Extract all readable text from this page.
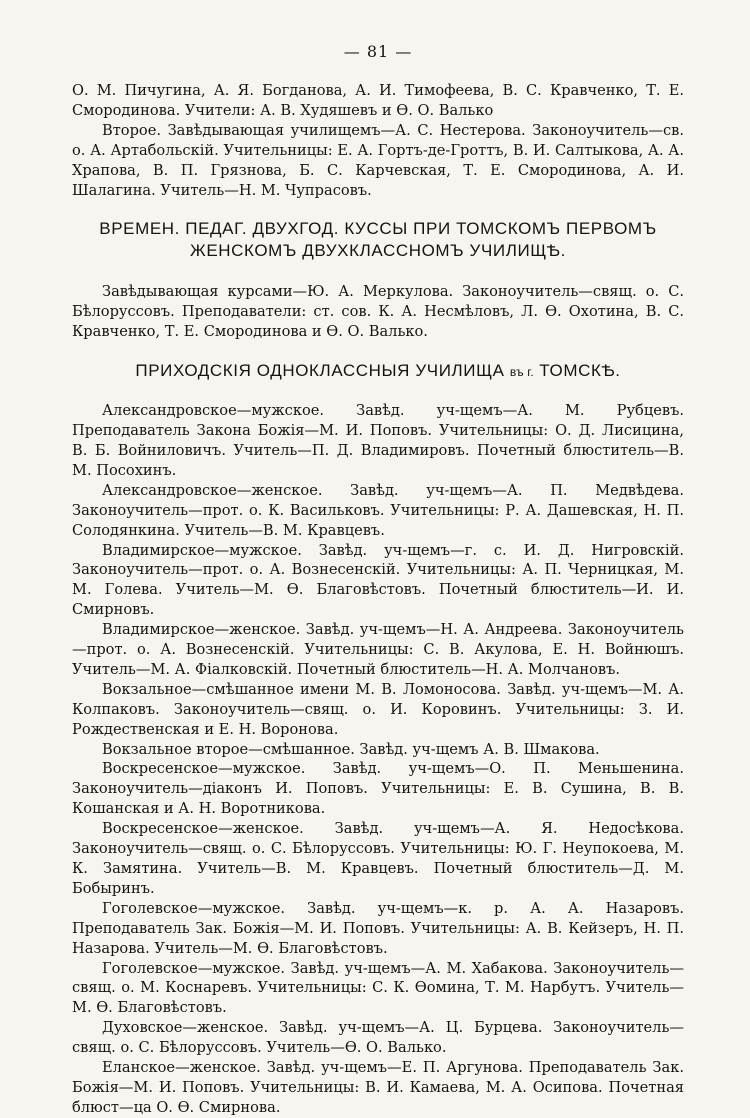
— 81 —

О. М. Пичугина, А. Я. Богданова, А. И. Тимофеева, В. С. Кравченко, Т. Е. Смородинова. Учители: А. В. Худяшевъ и Ѳ. О. Валько

Второе. Завѣдывающая училищемъ—А. С. Нестерова. Законоучитель—св. о. А. Артабольскій. Учительницы: Е. А. Гортъ-де-Гроттъ, В. И. Салтыкова, А. А. Храпова, В. П. Грязнова, Б. С. Карчевская, Т. Е. Смородинова, А. И. Шалагина. Учитель—Н. М. Чупрасовъ.

ВРЕМЕН. ПЕДАГ. ДВУХГОД. КУССЫ ПРИ ТОМСКОМЪ ПЕРВОМЪ
ЖЕНСКОМЪ ДВУХКЛАССНОМЪ УЧИЛИЩѢ.

Завѣдывающая курсами—Ю. А. Меркулова. Законоучитель—свящ. о. С. Бѣлоруссовъ. Преподаватели: ст. сов. К. А. Несмѣловъ, Л. Ѳ. Охотина, В. С. Кравченко, Т. Е. Смородинова и Ѳ. О. Валько.

ПРИХОДСКІЯ ОДНОКЛАССНЫЯ УЧИЛИЩА въ г. ТОМСКѢ.

Александровское—мужское. Завѣд. уч-щемъ—А. М. Рубцевъ. Преподаватель Закона Божія—М. И. Поповъ. Учительницы: О. Д. Лисицина, В. Б. Войниловичъ. Учитель—П. Д. Владимировъ. Почетный блюститель—В. М. Посохинъ.

Александровское—женское. Завѣд. уч-щемъ—А. П. Медвѣдева. Законоучитель—прот. о. К. Васильковъ. Учительницы: Р. А. Дашевская, Н. П. Солодянкина. Учитель—В. М. Кравцевъ.

Владимирское—мужское. Завѣд. уч-щемъ—г. с. И. Д. Нигровскій. Законоучитель—прот. о. А. Вознесенскій. Учительницы: А. П. Черницкая, М. М. Голева. Учитель—М. Ѳ. Благовѣстовъ. Почетный блюститель—И. И. Смирновъ.

Владимирское—женское. Завѣд. уч-щемъ—Н. А. Андреева. Законоучитель—прот. о. А. Вознесенскій. Учительницы: С. В. Акулова, Е. Н. Войнюшъ. Учитель—М. А. Фіалковскій. Почетный блюститель—Н. А. Молчановъ.

Вокзальное—смѣшанное имени М. В. Ломоносова. Завѣд. уч-щемъ—М. А. Колпаковъ. Законоучитель—свящ. о. И. Коровинъ. Учительницы: З. И. Рождественская и Е. Н. Воронова.

Вокзальное второе—смѣшанное. Завѣд. уч-щемъ А. В. Шмакова.

Воскресенское—мужское. Завѣд. уч-щемъ—О. П. Меньшенина. Законоучитель—діаконъ И. Поповъ. Учительницы: Е. В. Сушина, В. В. Кошанская и А. Н. Воротникова.

Воскресенское—женское. Завѣд. уч-щемъ—А. Я. Недосѣкова. Законоучитель—свящ. о. С. Бѣлоруссовъ. Учительницы: Ю. Г. Неупокоева, М. К. Замятина. Учитель—В. М. Кравцевъ. Почетный блюститель—Д. М. Бобыринъ.

Гоголевское—мужское. Завѣд. уч-щемъ—к. р. А. А. Назаровъ. Преподаватель Зак. Божія—М. И. Поповъ. Учительницы: А. В. Кейзеръ, Н. П. Назарова. Учитель—М. Ѳ. Благовѣстовъ.

Гоголевское—мужское. Завѣд. уч-щемъ—А. М. Хабакова. Законоучитель—свящ. о. М. Коснаревъ. Учительницы: С. К. Ѳомина, Т. М. Нарбутъ. Учитель—М. Ѳ. Благовѣстовъ.

Духовское—женское. Завѣд. уч-щемъ—А. Ц. Бурцева. Законоучитель—свящ. о. С. Бѣлоруссовъ. Учитель—Ѳ. О. Валько.

Еланское—женское. Завѣд. уч-щемъ—Е. П. Аргунова. Преподаватель Зак. Божія—М. И. Поповъ. Учительницы: В. И. Камаева, М. А. Осипова. Почетная блюст—ца О. Ѳ. Смирнова.
